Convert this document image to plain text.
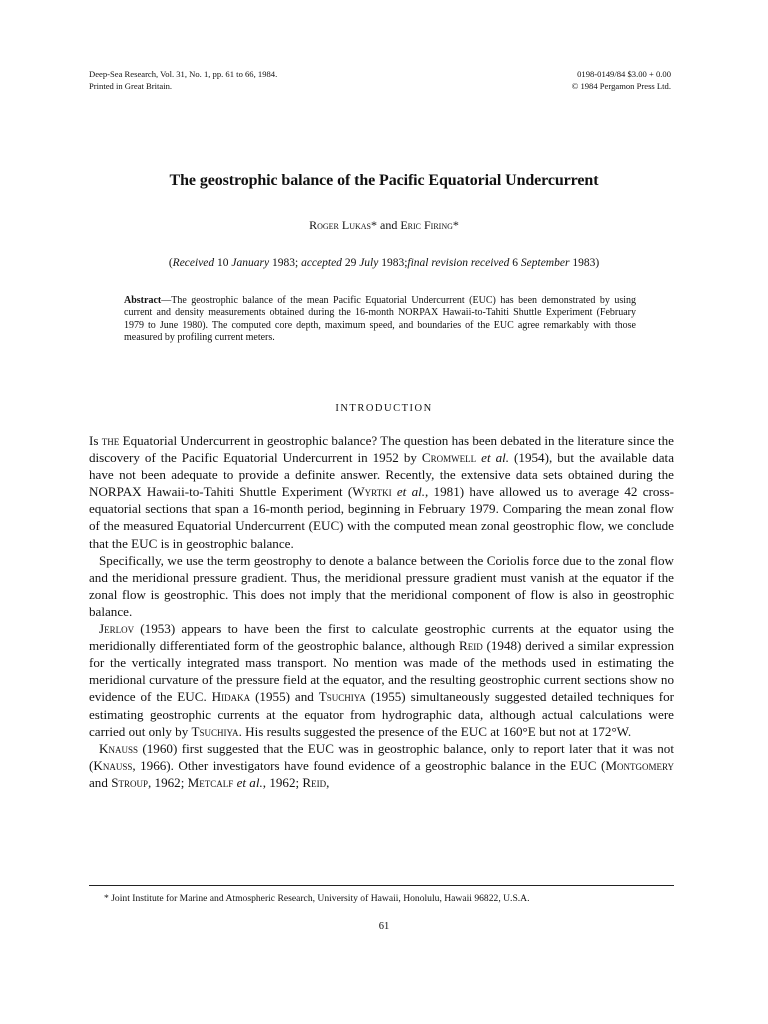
Deep-Sea Research, Vol. 31, No. 1, pp. 61 to 66, 1984.
Printed in Great Britain.
0198-0149/84 $3.00 + 0.00
© 1984 Pergamon Press Ltd.
The geostrophic balance of the Pacific Equatorial Undercurrent
Roger Lukas* and Eric Firing*
(Received 10 January 1983; accepted 29 July 1983;final revision received 6 September 1983)
Abstract—The geostrophic balance of the mean Pacific Equatorial Undercurrent (EUC) has been demonstrated by using current and density measurements obtained during the 16-month NORPAX Hawaii-to-Tahiti Shuttle Experiment (February 1979 to June 1980). The computed core depth, maximum speed, and boundaries of the EUC agree remarkably with those measured by profiling current meters.
INTRODUCTION

Is the Equatorial Undercurrent in geostrophic balance? The question has been debated in the literature since the discovery of the Pacific Equatorial Undercurrent in 1952 by Cromwell et al. (1954), but the available data have not been adequate to provide a definite answer. Recently, the extensive data sets obtained during the NORPAX Hawaii-to-Tahiti Shuttle Experiment (Wyrtki et al., 1981) have allowed us to average 42 cross-equatorial sections that span a 16-month period, beginning in February 1979. Comparing the mean zonal flow of the measured Equatorial Undercurrent (EUC) with the computed mean zonal geostrophic flow, we conclude that the EUC is in geostrophic balance.

Specifically, we use the term geostrophy to denote a balance between the Coriolis force due to the zonal flow and the meridional pressure gradient. Thus, the meridional pressure gradient must vanish at the equator if the zonal flow is geostrophic. This does not imply that the meridional component of flow is also in geostrophic balance.

Jerlov (1953) appears to have been the first to calculate geostrophic currents at the equator using the meridionally differentiated form of the geostrophic balance, although Reid (1948) derived a similar expression for the vertically integrated mass transport. No mention was made of the methods used in estimating the meridional curvature of the pressure field at the equator, and the resulting geostrophic current sections show no evidence of the EUC. Hidaka (1955) and Tsuchiya (1955) simultaneously suggested detailed techniques for estimating geostrophic currents at the equator from hydrographic data, although actual calculations were carried out only by Tsuchiya. His results suggested the presence of the EUC at 160°E but not at 172°W.

Knauss (1960) first suggested that the EUC was in geostrophic balance, only to report later that it was not (Knauss, 1966). Other investigators have found evidence of a geostrophic balance in the EUC (Montgomery and Stroup, 1962; Metcalf et al., 1962; Reid,

* Joint Institute for Marine and Atmospheric Research, University of Hawaii, Honolulu, Hawaii 96822, U.S.A.
61
